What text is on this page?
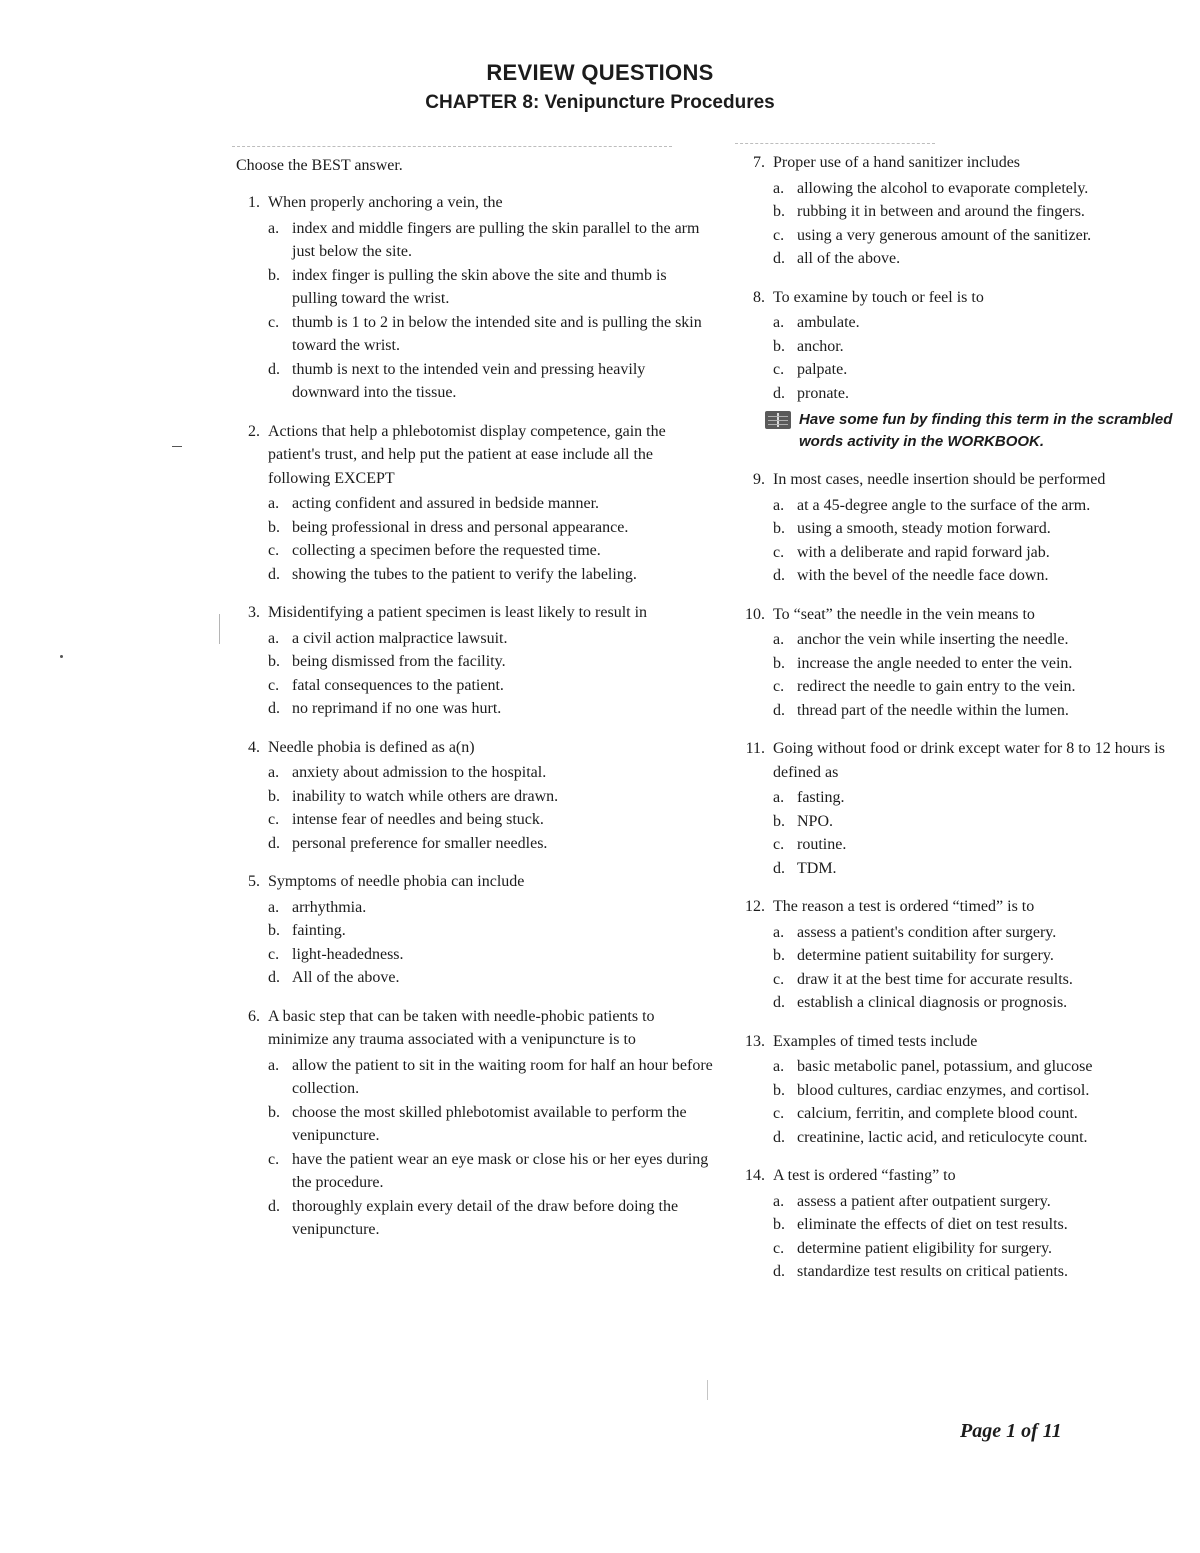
REVIEW QUESTIONS
CHAPTER 8: Venipuncture Procedures
Choose the BEST answer.
1. When properly anchoring a vein, the
a. index and middle fingers are pulling the skin parallel to the arm just below the site.
b. index finger is pulling the skin above the site and thumb is pulling toward the wrist.
c. thumb is 1 to 2 in below the intended site and is pulling the skin toward the wrist.
d. thumb is next to the intended vein and pressing heavily downward into the tissue.
2. Actions that help a phlebotomist display competence, gain the patient's trust, and help put the patient at ease include all the following EXCEPT
a. acting confident and assured in bedside manner.
b. being professional in dress and personal appearance.
c. collecting a specimen before the requested time.
d. showing the tubes to the patient to verify the labeling.
3. Misidentifying a patient specimen is least likely to result in
a. a civil action malpractice lawsuit.
b. being dismissed from the facility.
c. fatal consequences to the patient.
d. no reprimand if no one was hurt.
4. Needle phobia is defined as a(n)
a. anxiety about admission to the hospital.
b. inability to watch while others are drawn.
c. intense fear of needles and being stuck.
d. personal preference for smaller needles.
5. Symptoms of needle phobia can include
a. arrhythmia.
b. fainting.
c. light-headedness.
d. All of the above.
6. A basic step that can be taken with needle-phobic patients to minimize any trauma associated with a venipuncture is to
a. allow the patient to sit in the waiting room for half an hour before collection.
b. choose the most skilled phlebotomist available to perform the venipuncture.
c. have the patient wear an eye mask or close his or her eyes during the procedure.
d. thoroughly explain every detail of the draw before doing the venipuncture.
7. Proper use of a hand sanitizer includes
a. allowing the alcohol to evaporate completely.
b. rubbing it in between and around the fingers.
c. using a very generous amount of the sanitizer.
d. all of the above.
8. To examine by touch or feel is to
a. ambulate.
b. anchor.
c. palpate.
d. pronate.
Have some fun by finding this term in the scrambled words activity in the WORKBOOK.
9. In most cases, needle insertion should be performed
a. at a 45-degree angle to the surface of the arm.
b. using a smooth, steady motion forward.
c. with a deliberate and rapid forward jab.
d. with the bevel of the needle face down.
10. To “seat” the needle in the vein means to
a. anchor the vein while inserting the needle.
b. increase the angle needed to enter the vein.
c. redirect the needle to gain entry to the vein.
d. thread part of the needle within the lumen.
11. Going without food or drink except water for 8 to 12 hours is defined as
a. fasting.
b. NPO.
c. routine.
d. TDM.
12. The reason a test is ordered “timed” is to
a. assess a patient's condition after surgery.
b. determine patient suitability for surgery.
c. draw it at the best time for accurate results.
d. establish a clinical diagnosis or prognosis.
13. Examples of timed tests include
a. basic metabolic panel, potassium, and glucose
b. blood cultures, cardiac enzymes, and cortisol.
c. calcium, ferritin, and complete blood count.
d. creatinine, lactic acid, and reticulocyte count.
14. A test is ordered “fasting” to
a. assess a patient after outpatient surgery.
b. eliminate the effects of diet on test results.
c. determine patient eligibility for surgery.
d. standardize test results on critical patients.
Page 1 of 11
